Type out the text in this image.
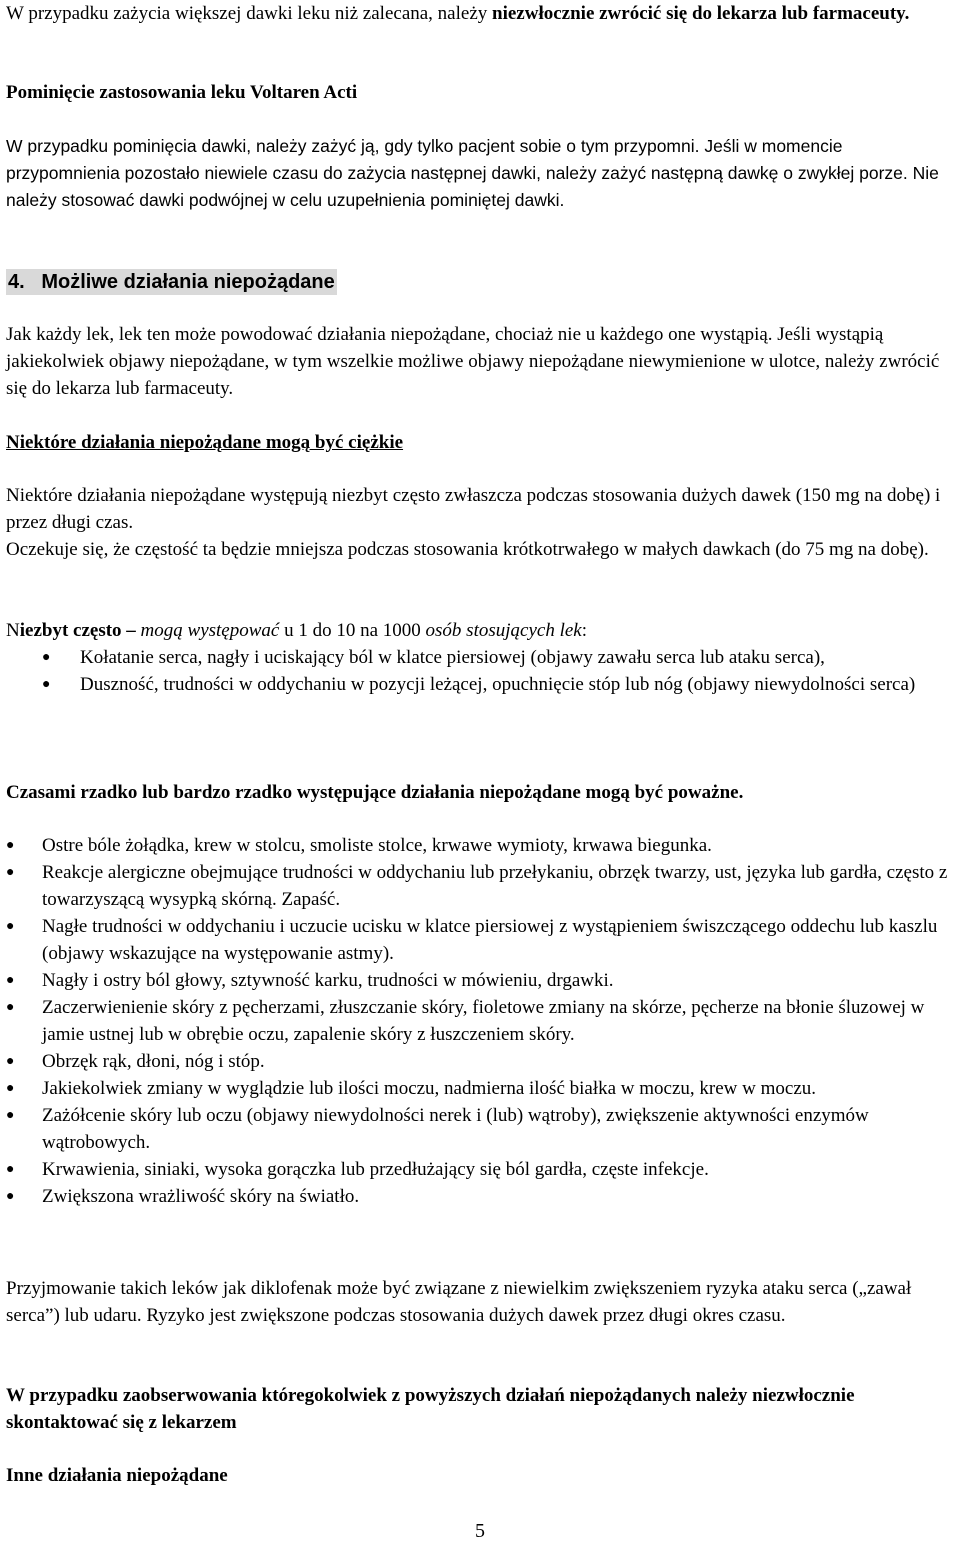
W przypadku zażycia większej dawki leku niż zalecana, należy niezwłocznie zwrócić się do lekarza lub farmaceuty.

Pominięcie zastosowania leku Voltaren Acti

W przypadku pominięcia dawki, należy zażyć ją, gdy tylko pacjent sobie o tym przypomni. Jeśli w momencie przypomnienia pozostało niewiele czasu do zażycia następnej dawki, należy zażyć następną dawkę o zwykłej porze. Nie należy stosować dawki podwójnej w celu uzupełnienia pominiętej dawki.

4. Możliwe działania niepożądane

Jak każdy lek, lek ten może powodować działania niepożądane, chociaż nie u każdego one wystąpią. Jeśli wystąpią jakiekolwiek objawy niepożądane, w tym wszelkie możliwe objawy niepożądane niewymienione w ulotce, należy zwrócić się do lekarza lub farmaceuty.

Niektóre działania niepożądane mogą być ciężkie

Niektóre działania niepożądane występują niezbyt często zwłaszcza podczas stosowania dużych dawek (150 mg na dobę) i przez długi czas.

Oczekuje się, że częstość ta będzie mniejsza podczas stosowania krótkotrwałego w małych dawkach (do 75 mg na dobę).

Niezbyt często – mogą występować u 1 do 10 na 1000 osób stosujących lek:

● Kołatanie serca, nagły i uciskający ból w klatce piersiowej (objawy zawału serca lub ataku serca),
● Duszność, trudności w oddychaniu w pozycji leżącej, opuchnięcie stóp lub nóg (objawy niewydolności serca)

Czasami rzadko lub bardzo rzadko występujące działania niepożądane mogą być poważne.

● Ostre bóle żołądka, krew w stolcu, smoliste stolce, krwawe wymioty, krwawa biegunka.
● Reakcje alergiczne obejmujące trudności w oddychaniu lub przełykaniu, obrzęk twarzy, ust, języka lub gardła, często z towarzyszącą wysypką skórną. Zapaść.
● Nagłe trudności w oddychaniu i uczucie ucisku w klatce piersiowej z wystąpieniem świszczącego oddechu lub kaszlu (objawy wskazujące na występowanie astmy).
● Nagły i ostry ból głowy, sztywność karku, trudności w mówieniu, drgawki.
● Zaczerwienienie skóry z pęcherzami, złuszczanie skóry, fioletowe zmiany na skórze, pęcherze na błonie śluzowej w jamie ustnej lub w obrębie oczu, zapalenie skóry z łuszczeniem skóry.
● Obrzęk rąk, dłoni, nóg i stóp.
● Jakiekolwiek zmiany w wyglądzie lub ilości moczu, nadmierna ilość białka w moczu, krew w moczu.
● Zażółcenie skóry lub oczu (objawy niewydolności nerek i (lub) wątroby), zwiększenie aktywności enzymów wątrobowych.
● Krwawienia, siniaki, wysoka gorączka lub przedłużający się ból gardła, częste infekcje.
● Zwiększona wrażliwość skóry na światło.

Przyjmowanie takich leków jak diklofenak może być związane z niewielkim zwiększeniem ryzyka ataku serca („zawał serca”) lub udaru. Ryzyko jest zwiększone podczas stosowania dużych dawek przez długi okres czasu.

W przypadku zaobserwowania któregokolwiek z powyższych działań niepożądanych należy niezwłocznie skontaktować się z lekarzem

Inne działania niepożądane

5
